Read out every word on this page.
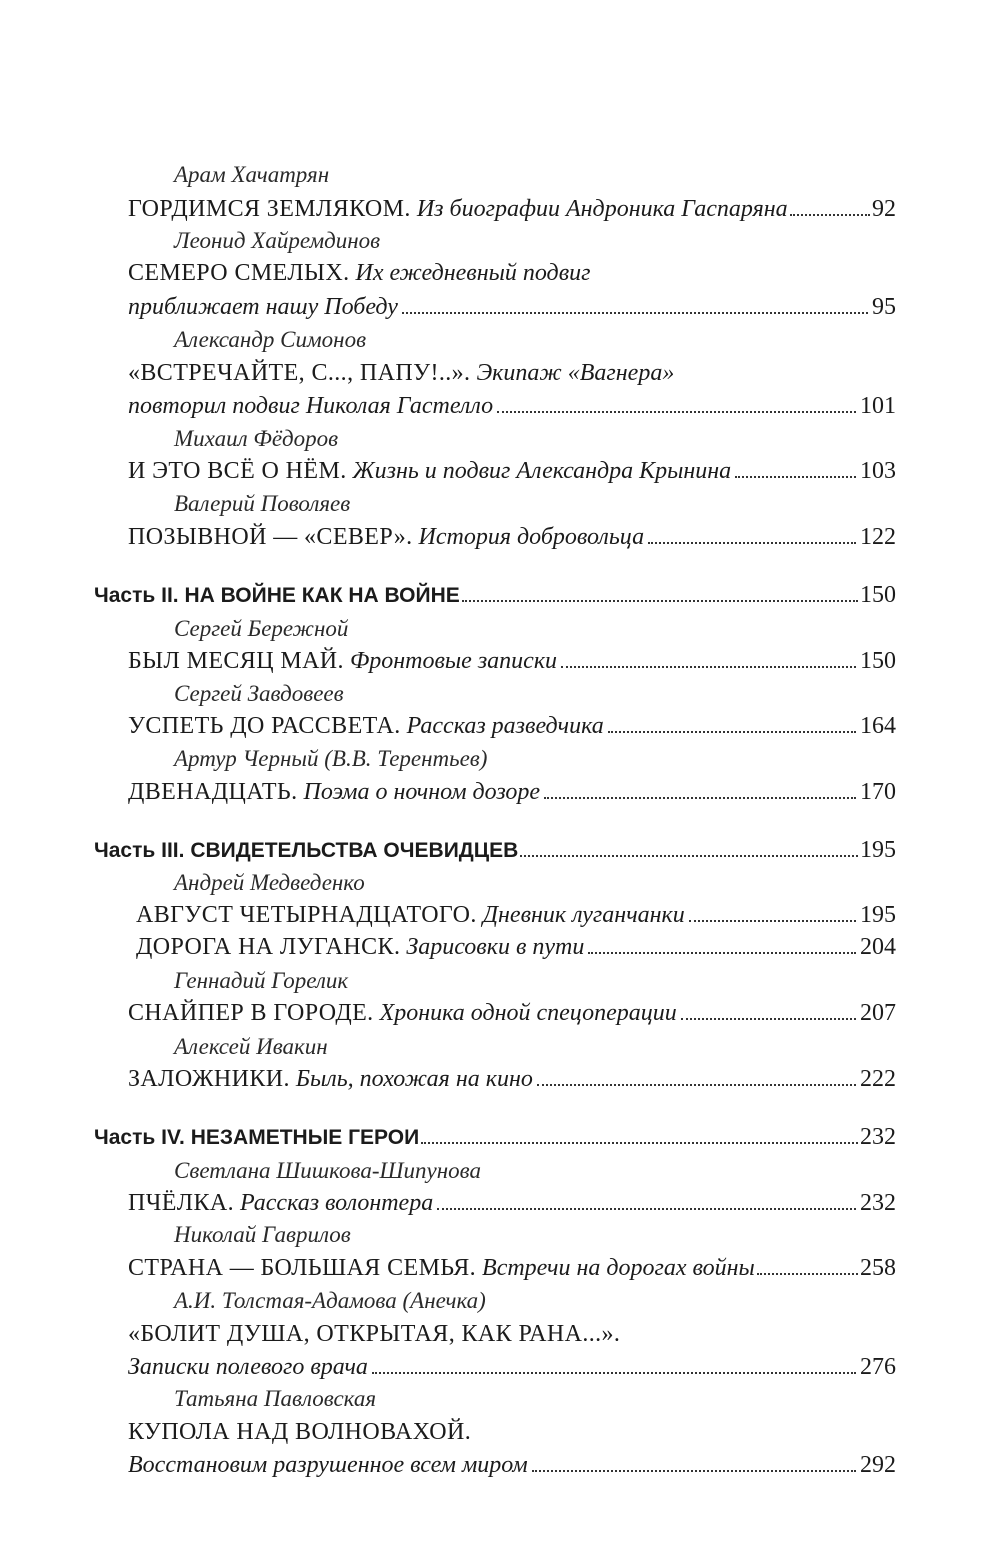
Арам Хачатрян
ГОРДИМСЯ ЗЕМЛЯКОМ.
Из биографии Андроника Гаспаряна	92
Леонид Хайремдинов
СЕМЕРО СМЕЛЫХ.
Их ежедневный подвиг
приближает нашу Победу	95
Александр Симонов
«ВСТРЕЧАЙТЕ, С..., ПАПУ!..».
Экипаж «Вагнера»
повторил подвиг Николая Гастелло	101
Михаил Фёдоров
И ЭТО ВСЁ О НЁМ.
Жизнь и подвиг Александра Крынина	103
Валерий Поволяев
ПОЗЫВНОЙ — «СЕВЕР».
История добровольца	122
Часть II. НА ВОЙНЕ КАК НА ВОЙНЕ	150
Сергей Бережной
БЫЛ МЕСЯЦ МАЙ.
Фронтовые записки	150
Сергей Завдовеев
УСПЕТЬ ДО РАССВЕТА.
Рассказ разведчика	164
Артур Черный (В.В. Терентьев)
ДВЕНАДЦАТЬ.
Поэма о ночном дозоре	170
Часть III. СВИДЕТЕЛЬСТВА ОЧЕВИДЦЕВ	195
Андрей Медведенко
АВГУСТ ЧЕТЫРНАДЦАТОГО.
Дневник луганчанки	195
ДОРОГА НА ЛУГАНСК.
Зарисовки в пути	204
Геннадий Горелик
СНАЙПЕР В ГОРОДЕ.
Хроника одной спецоперации	207
Алексей Ивакин
ЗАЛОЖНИКИ.
Быль, похожая на кино	222
Часть IV. НЕЗАМЕТНЫЕ ГЕРОИ	232
Светлана Шишкова-Шипунова
ПЧЁЛКА.
Рассказ волонтера	232
Николай Гаврилов
СТРАНА — БОЛЬШАЯ СЕМЬЯ.
Встречи на дорогах войны	258
А.И. Толстая-Адамова (Анечка)
«БОЛИТ ДУША, ОТКРЫТАЯ, КАК РАНА...».
Записки полевого врача	276
Татьяна Павловская
КУПОЛА НАД ВОЛНОВАХОЙ.
Восстановим разрушенное всем миром	292
